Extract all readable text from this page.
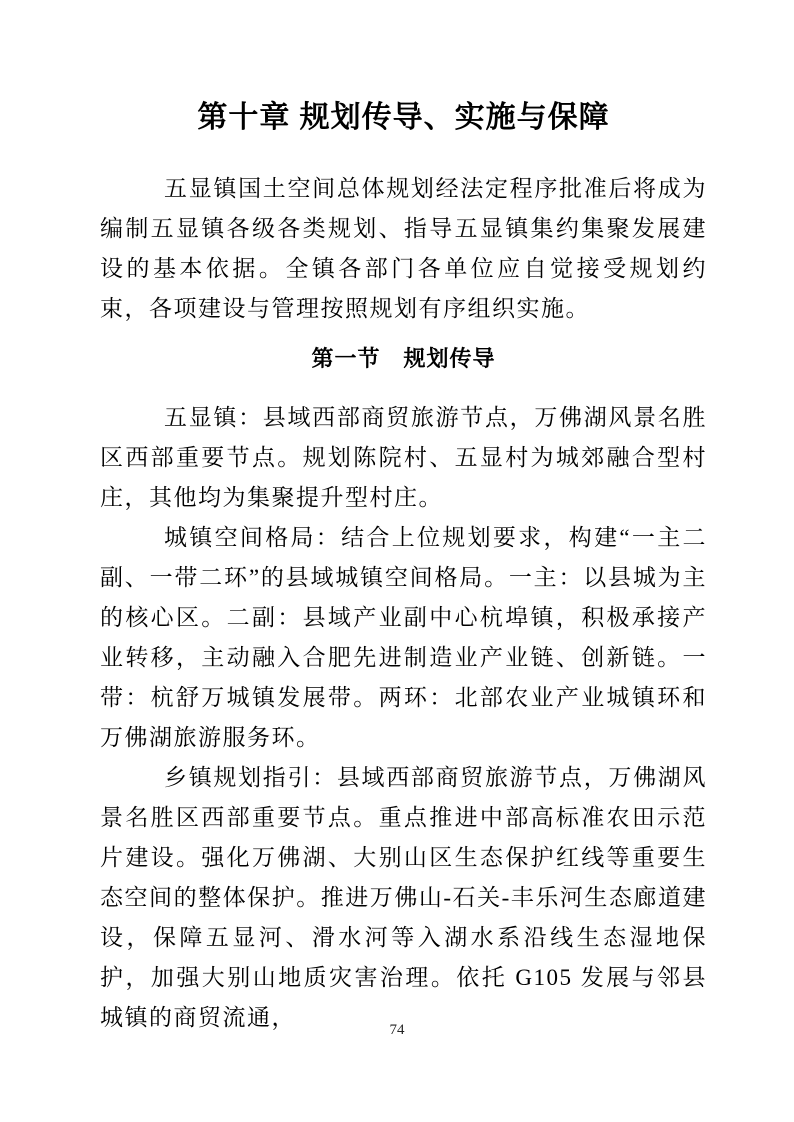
第十章 规划传导、实施与保障

五显镇国土空间总体规划经法定程序批准后将成为编制五显镇各级各类规划、指导五显镇集约集聚发展建设的基本依据。全镇各部门各单位应自觉接受规划约束，各项建设与管理按照规划有序组织实施。

第一节　规划传导

五显镇：县域西部商贸旅游节点，万佛湖风景名胜区西部重要节点。规划陈院村、五显村为城郊融合型村庄，其他均为集聚提升型村庄。

城镇空间格局：结合上位规划要求，构建“一主二副、一带二环”的县域城镇空间格局。一主：以县城为主的核心区。二副：县域产业副中心杭埠镇，积极承接产业转移，主动融入合肥先进制造业产业链、创新链。一带：杭舒万城镇发展带。两环：北部农业产业城镇环和万佛湖旅游服务环。

乡镇规划指引：县域西部商贸旅游节点，万佛湖风景名胜区西部重要节点。重点推进中部高标准农田示范片建设。强化万佛湖、大别山区生态保护红线等重要生态空间的整体保护。推进万佛山-石关-丰乐河生态廊道建设，保障五显河、滑水河等入湖水系沿线生态湿地保护，加强大别山地质灾害治理。依托 G105 发展与邻县城镇的商贸流通，	74
